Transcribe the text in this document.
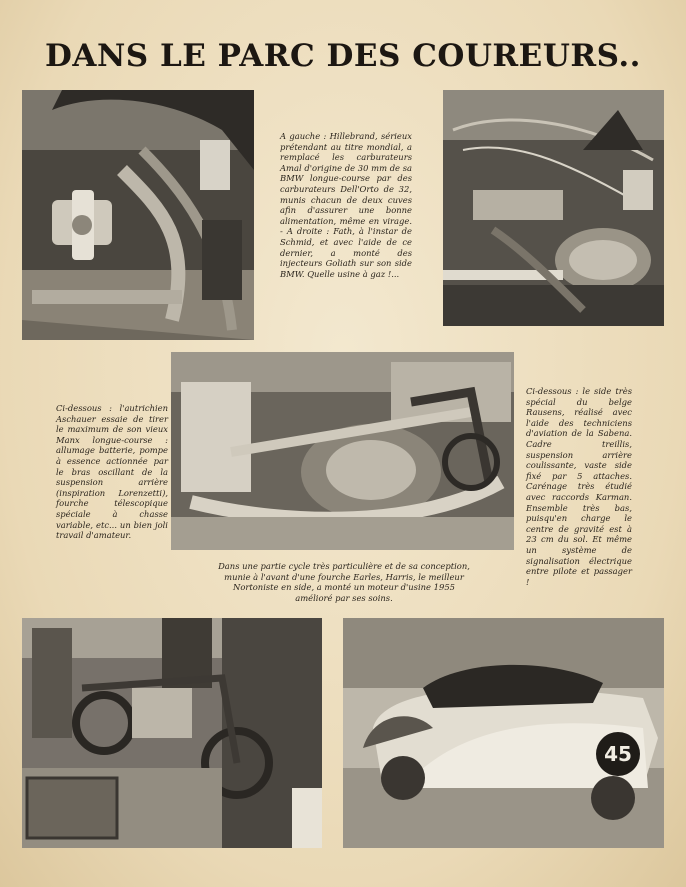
DANS LE PARC DES COUREURS..
A gauche : Hillebrand, sérieux prétendant au titre mondial, a remplacé les carburateurs Amal d'origine de 30 mm de sa BMW longue-course par des carburateurs Dell'Orto de 32, munis chacun de deux cuves afin d'assurer une bonne alimentation, même en virage. - A droite : Fath, à l'instar de Schmid, et avec l'aide de ce dernier, a monté des injecteurs Goliath sur son side BMW. Quelle usine à gaz !...
Ci-dessous : l'autrichien Aschauer essaie de tirer le maximum de son vieux Manx longue-course : allumage batterie, pompe à essence actionnée par le bras oscillant de la suspension arrière (inspiration Lorenzetti), fourche télescopique spéciale à chasse variable, etc... un bien joli travail d'amateur.
Ci-dessous : le side très spécial du belge Rausens, réalisé avec l'aide des techniciens d'aviation de la Sabena. Cadre treillis, suspension arrière coulissante, vaste side fixé par 5 attaches. Carénage très étudié avec raccords Karman. Ensemble très bas, puisqu'en charge le centre de gravité est à 23 cm du sol. Et même un système de signalisation électrique entre pilote et passager !
Dans une partie cycle très particulière et de sa conception, munie à l'avant d'une fourche Earles, Harris, le meilleur Nortoniste en side, a monté un moteur d'usine 1955 amélioré par ses soins.
45
